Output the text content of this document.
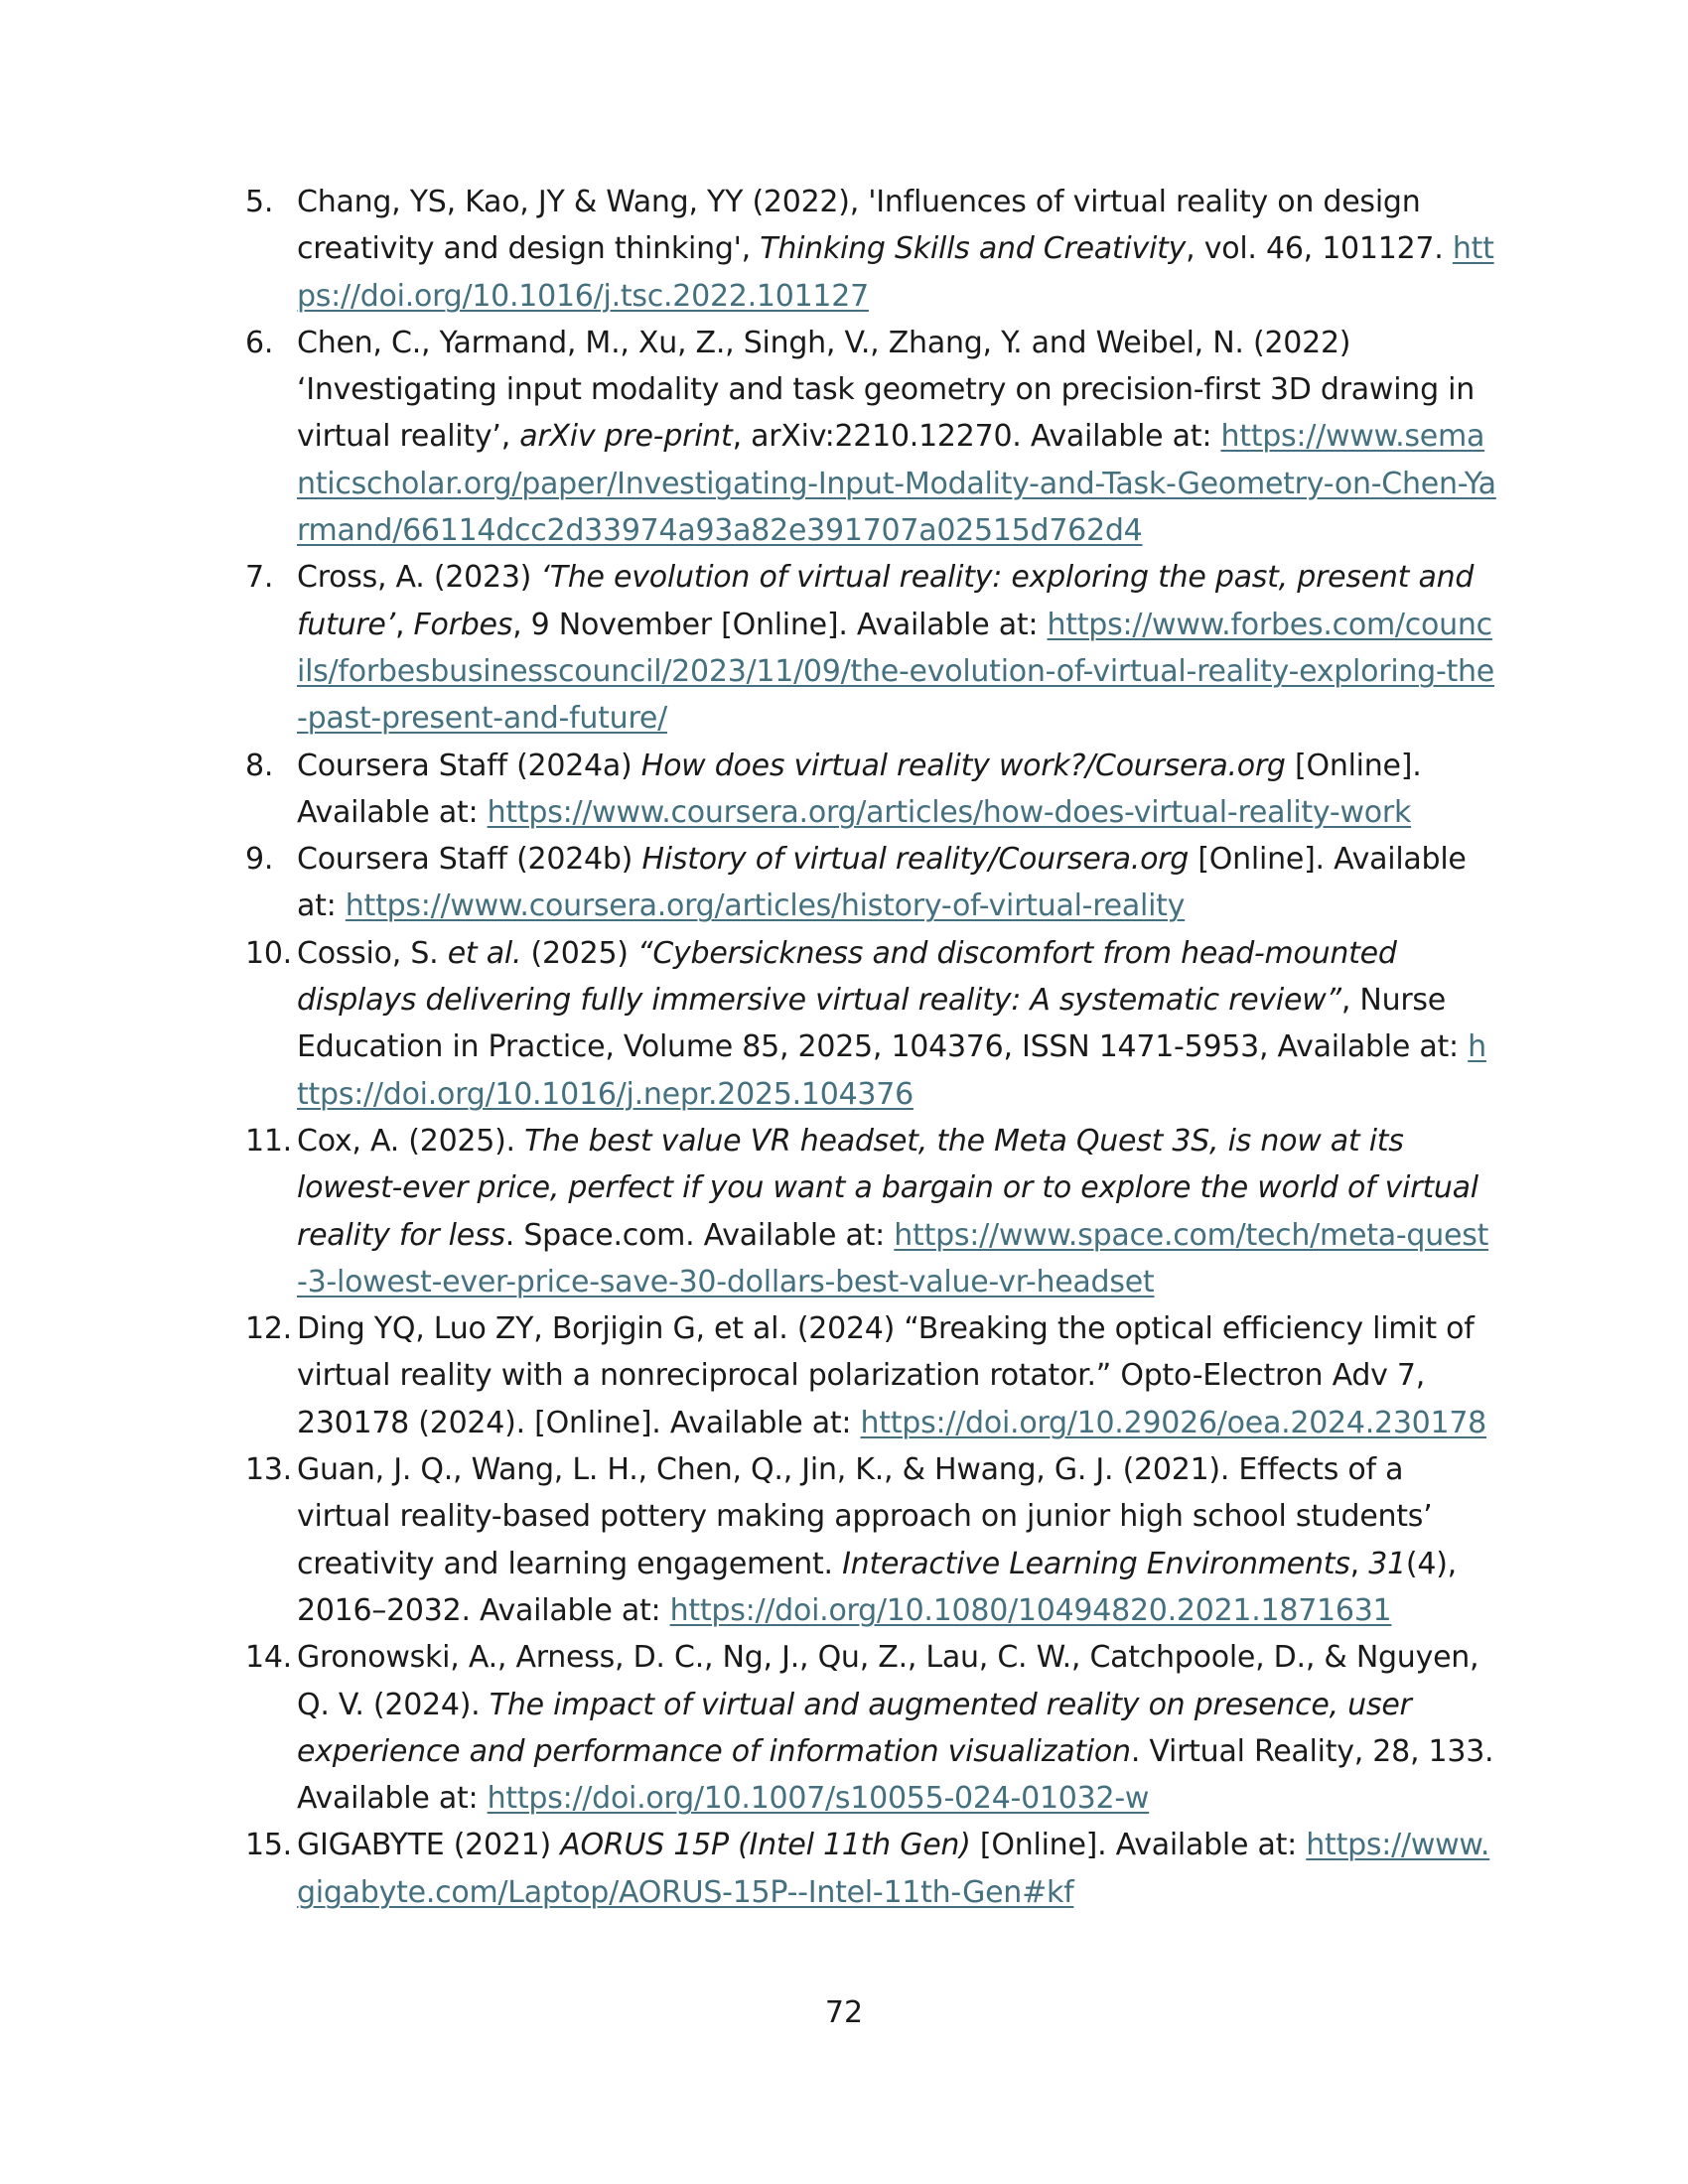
5. Chang, YS, Kao, JY & Wang, YY (2022), 'Influences of virtual reality on design creativity and design thinking', Thinking Skills and Creativity, vol. 46, 101127. https://doi.org/10.1016/j.tsc.2022.101127
6. Chen, C., Yarmand, M., Xu, Z., Singh, V., Zhang, Y. and Weibel, N. (2022) ‘Investigating input modality and task geometry on precision-first 3D drawing in virtual reality’, arXiv pre-print, arXiv:2210.12270. Available at: https://www.semanticscholar.org/paper/Investigating-Input-Modality-and-Task-Geometry-on-Chen-Yarmand/66114dcc2d33974a93a82e391707a02515d762d4
7. Cross, A. (2023) ‘The evolution of virtual reality: exploring the past, present and future’, Forbes, 9 November [Online]. Available at: https://www.forbes.com/councils/forbesbusinesscouncil/2023/11/09/the-evolution-of-virtual-reality-exploring-the-past-present-and-future/
8. Coursera Staff (2024a) How does virtual reality work?/Coursera.org [Online]. Available at: https://www.coursera.org/articles/how-does-virtual-reality-work
9. Coursera Staff (2024b) History of virtual reality/Coursera.org [Online]. Available at: https://www.coursera.org/articles/history-of-virtual-reality
10. Cossio, S. et al. (2025) “Cybersickness and discomfort from head-mounted displays delivering fully immersive virtual reality: A systematic review”, Nurse Education in Practice, Volume 85, 2025, 104376, ISSN 1471-5953, Available at: https://doi.org/10.1016/j.nepr.2025.104376
11. Cox, A. (2025). The best value VR headset, the Meta Quest 3S, is now at its lowest-ever price, perfect if you want a bargain or to explore the world of virtual reality for less. Space.com. Available at: https://www.space.com/tech/meta-quest-3-lowest-ever-price-save-30-dollars-best-value-vr-headset
12. Ding YQ, Luo ZY, Borjigin G, et al. (2024) “Breaking the optical efficiency limit of virtual reality with a nonreciprocal polarization rotator.” Opto-Electron Adv 7, 230178 (2024). [Online]. Available at: https://doi.org/10.29026/oea.2024.230178
13. Guan, J. Q., Wang, L. H., Chen, Q., Jin, K., & Hwang, G. J. (2021). Effects of a virtual reality-based pottery making approach on junior high school students’ creativity and learning engagement. Interactive Learning Environments, 31(4), 2016–2032. Available at: https://doi.org/10.1080/10494820.2021.1871631
14. Gronowski, A., Arness, D. C., Ng, J., Qu, Z., Lau, C. W., Catchpoole, D., & Nguyen, Q. V. (2024). The impact of virtual and augmented reality on presence, user experience and performance of information visualization. Virtual Reality, 28, 133. Available at: https://doi.org/10.1007/s10055-024-01032-w
15. GIGABYTE (2021) AORUS 15P (Intel 11th Gen) [Online]. Available at: https://www.gigabyte.com/Laptop/AORUS-15P--Intel-11th-Gen#kf
72
